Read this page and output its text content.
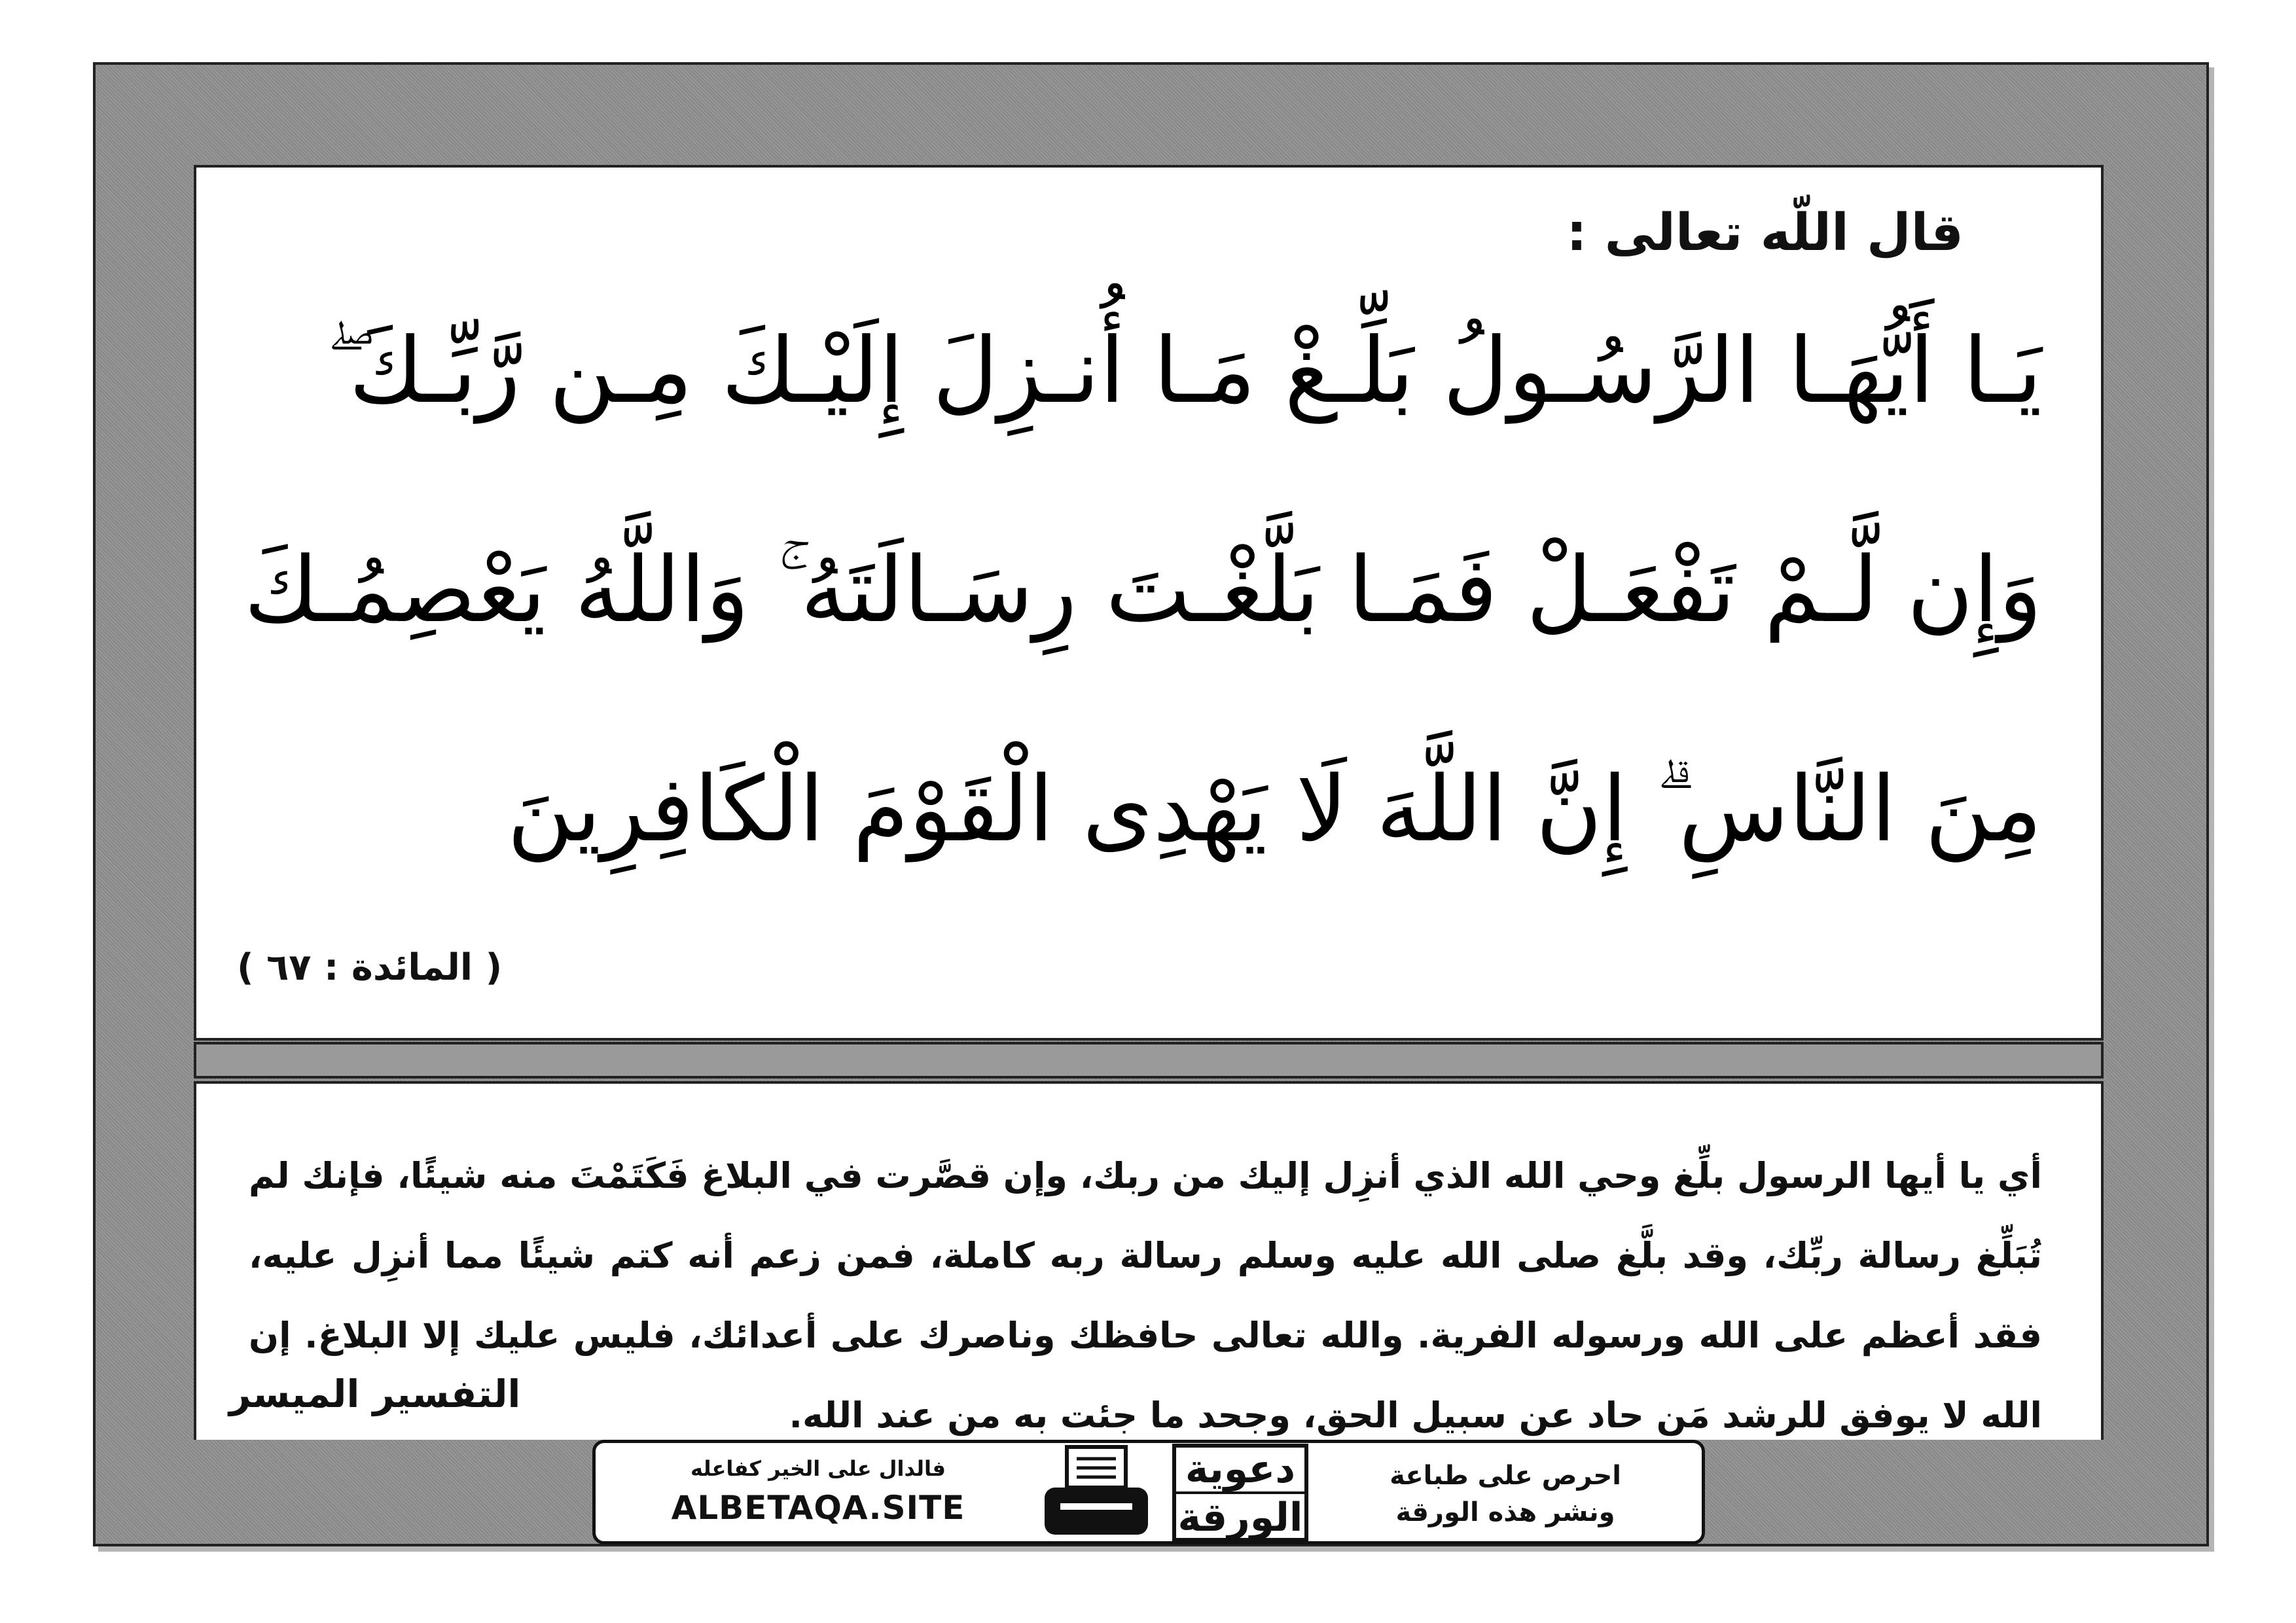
قال اللّه تعالى :
يَـا أَيُّهَـا الرَّسُـولُ بَلِّـغْ مَـا أُنـزِلَ إِلَيْـكَ مِـن رَّبِّـكَ ۖ
وَإِن لَّـمْ تَفْعَـلْ فَمَـا بَلَّغْـتَ رِسَـالَتَهُ ۚ وَاللَّهُ يَعْصِمُـكَ
مِنَ النَّاسِ ۗ إِنَّ اللَّهَ لَا يَهْدِى الْقَوْمَ الْكَافِرِينَ
( المائدة : ٦٧ )

أي يا أيها الرسول بلِّغ وحي الله الذي أنزِل إليك من ربك، وإن قصَّرت في البلاغ فَكَتَمْتَ منه شيئًا، فإنك لم تُبَلِّغ رسالة ربِّك، وقد بلَّغ صلى الله عليه وسلم رسالة ربه كاملة، فمن زعم أنه كتم شيئًا مما أنزِل عليه، فقد أعظم على الله ورسوله الفرية. والله تعالى حافظك وناصرك على أعدائك، فليس عليك إلا البلاغ. إن الله لا يوفق للرشد مَن حاد عن سبيل الحق، وجحد ما جئت به من عند الله.

التفسير الميسر
فالدال على الخير كفاعله
ALBETAQA.SITE
دعوية
الورقة
احرص على طباعة
ونشر هذه الورقة
